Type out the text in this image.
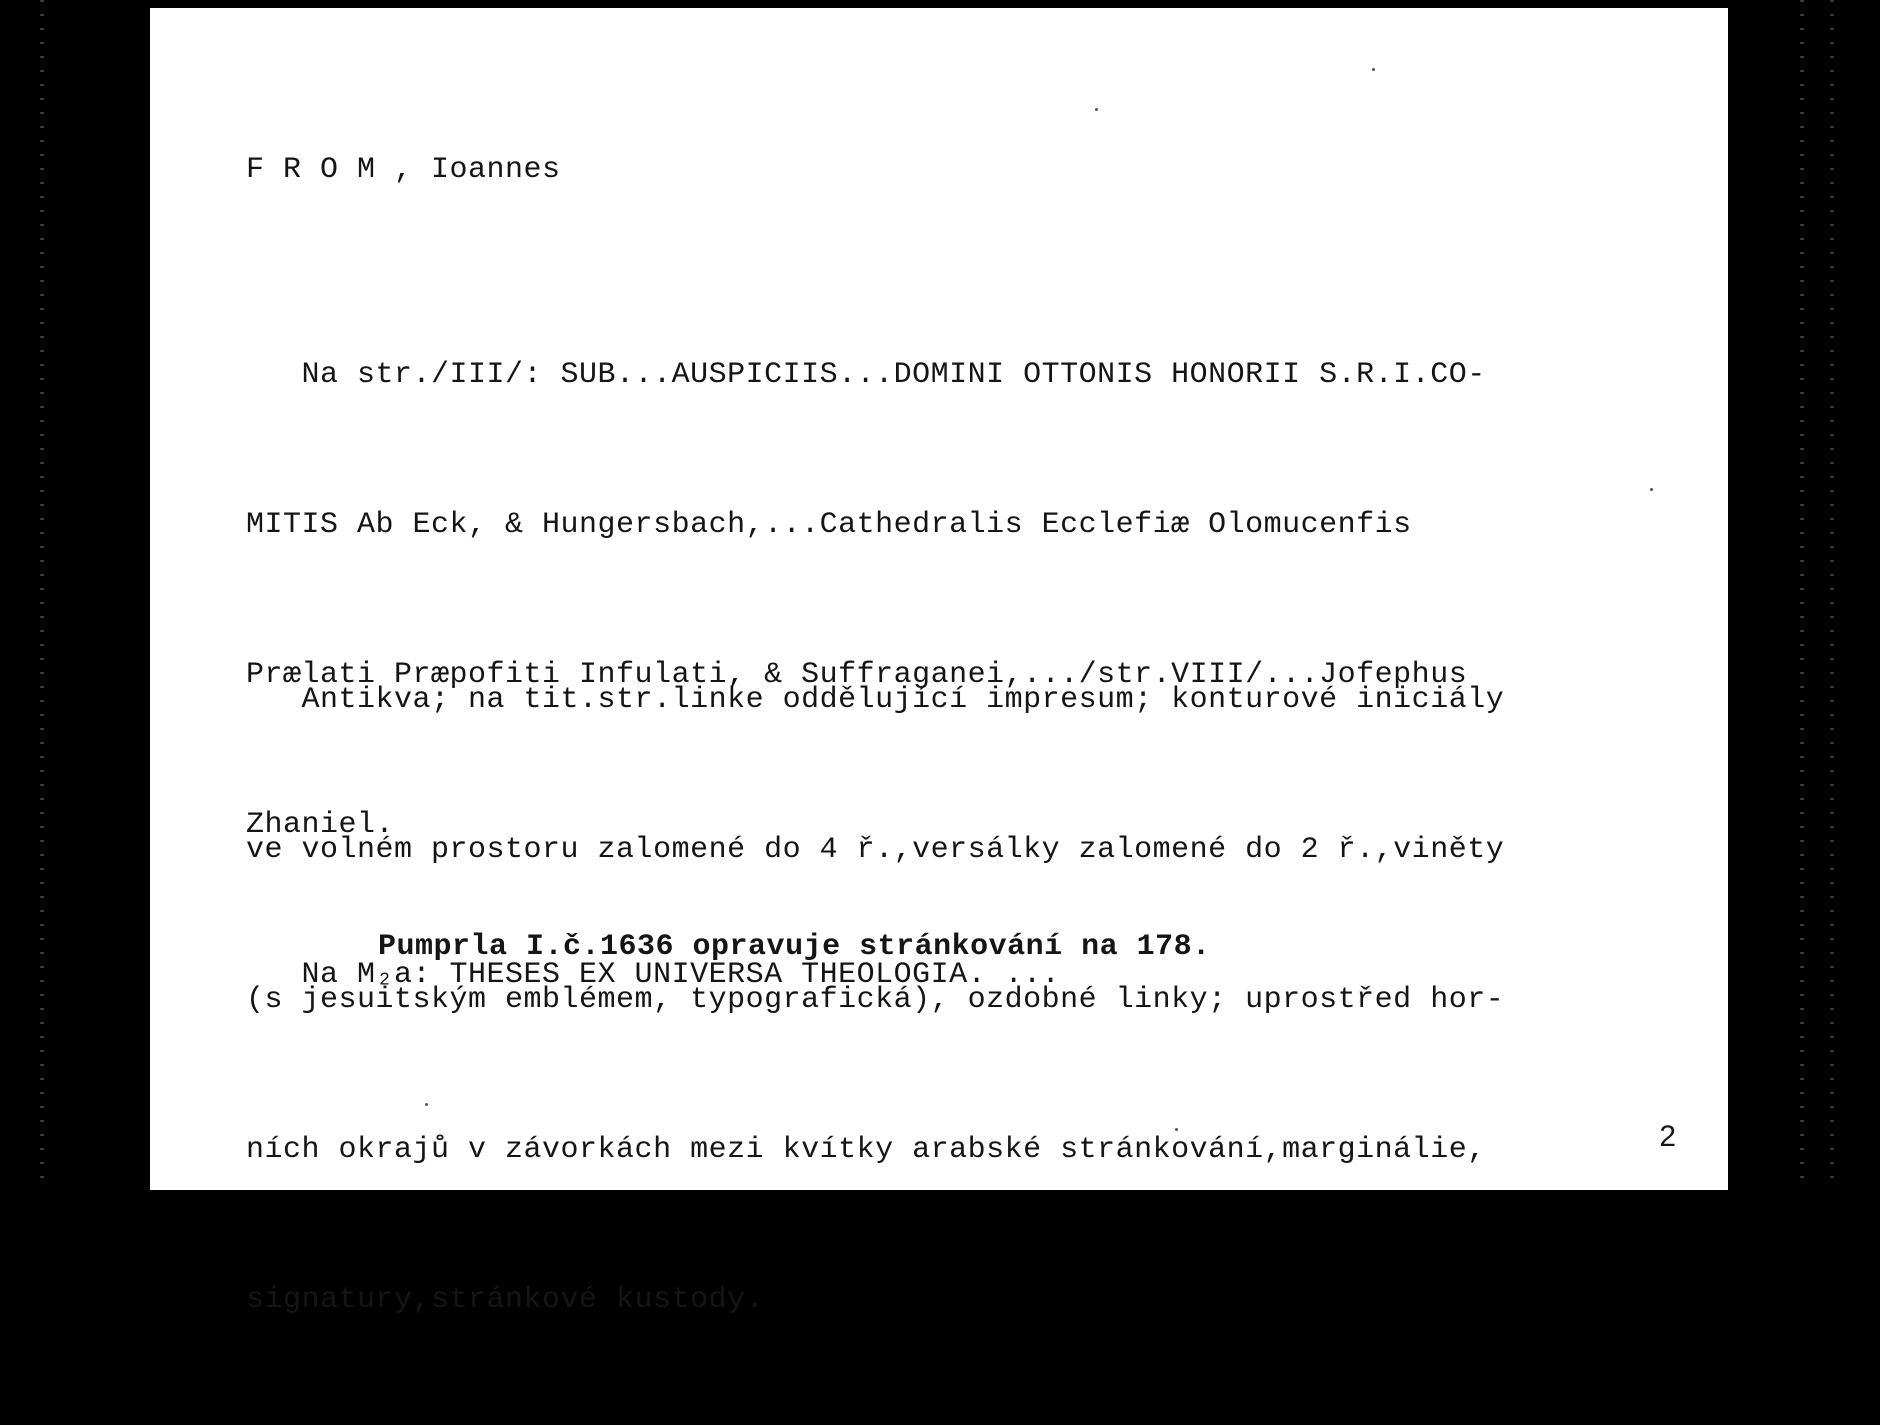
F R O M , Ioannes

Na str./III/: SUB...AUSPICIIS...DOMINI OTTONIS HONORII S.R.I.CO-

MITIS Ab Eck, & Hungersbach,...Cathedralis Ecclefiæ Olomucenfis

Prælati Præpofiti Infulati, & Suffraganei,.../str.VIII/...Jofephus

Zhaniel.

Na M₂a: THESES EX UNIVERSA THEOLOGIA. ...

Antikva; na tit.str.linke oddělující impresum; konturové iniciály

ve volném prostoru zalomené do 4 ř.,versálky zalomené do 2 ř.,viněty

(s jesuitským emblémem, typografická), ozdobné linky; uprostřed hor-

ních okrajů v závorkách mezi kvítky arabské stránkování,marginálie,

signatury,stránkové kustody.

Pumprla I.č.1636 opravuje stránkování na 178.

2
